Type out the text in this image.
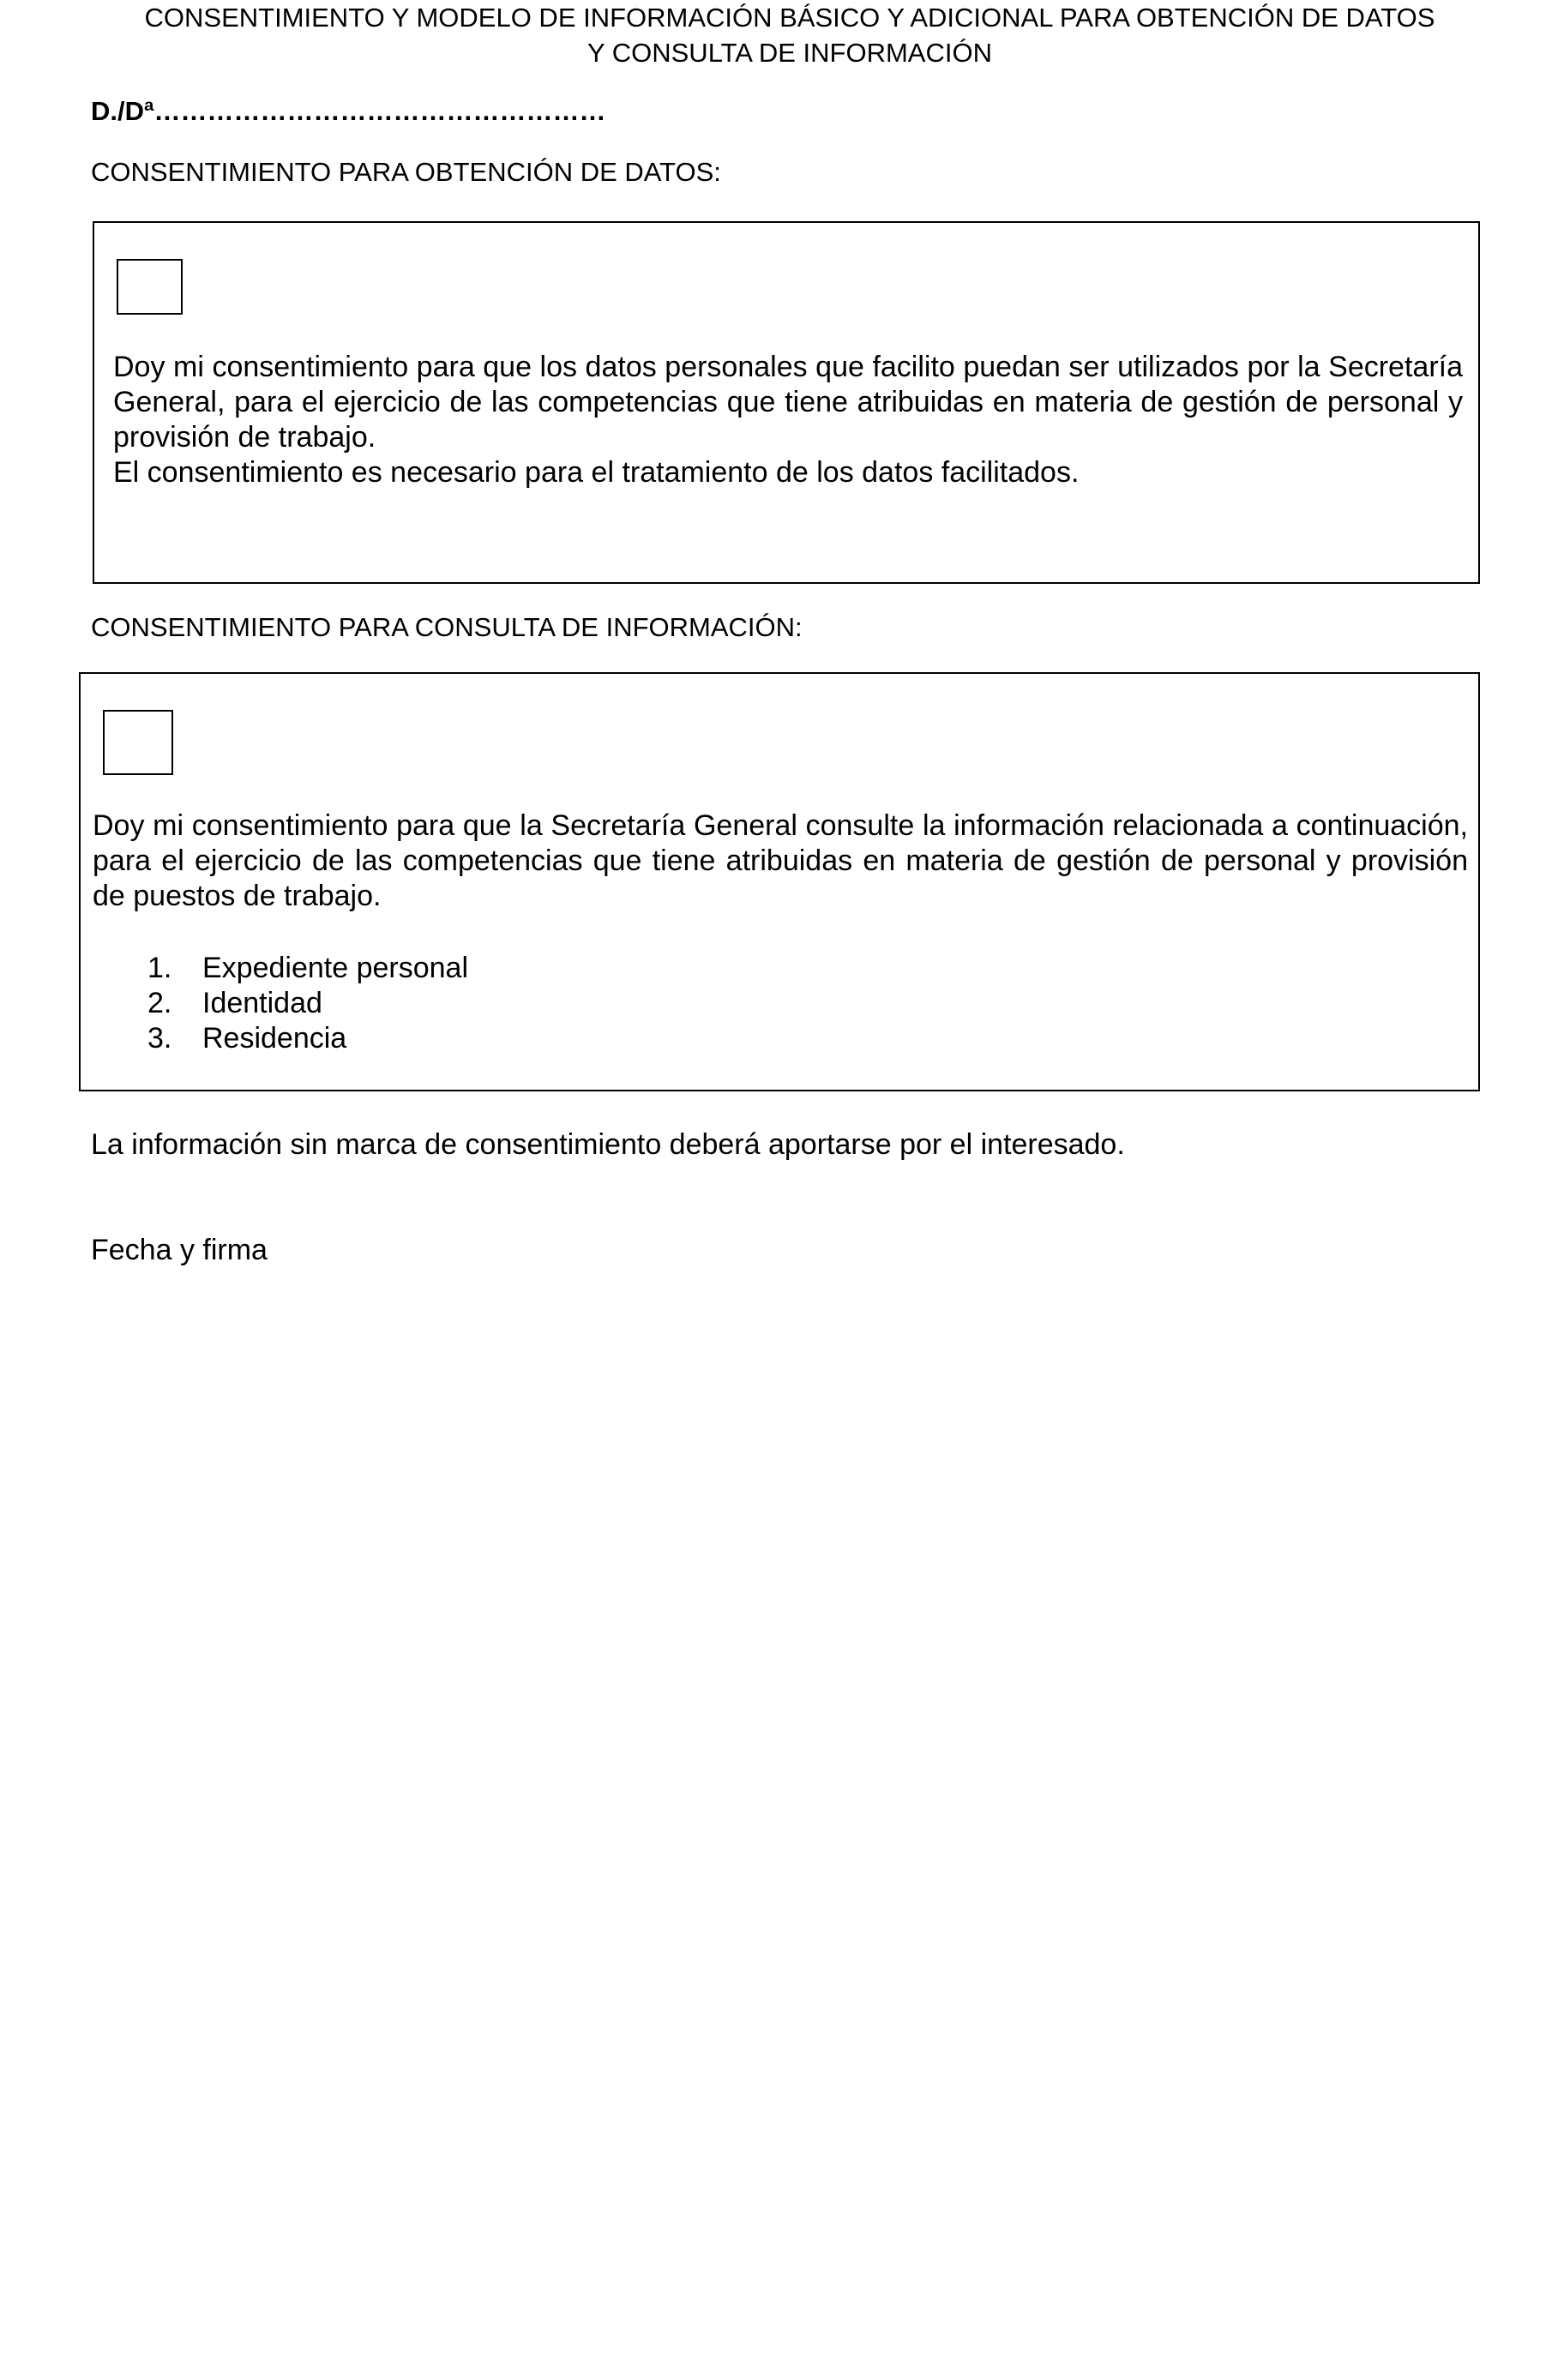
CONSENTIMIENTO Y MODELO DE INFORMACIÓN BÁSICO Y ADICIONAL PARA OBTENCIÓN DE DATOS
Y CONSULTA DE INFORMACIÓN
D./Dª……………………………………………
CONSENTIMIENTO PARA OBTENCIÓN DE DATOS:

Doy mi consentimiento para que los datos personales que facilito puedan ser utilizados por la Secretaría General, para el ejercicio de las competencias que tiene atribuidas en materia de gestión de personal y provisión de trabajo.

El consentimiento es necesario para el tratamiento de los datos facilitados.

CONSENTIMIENTO PARA CONSULTA DE INFORMACIÓN:

Doy mi consentimiento para que la Secretaría General consulte la información relacionada a continuación, para el ejercicio de las competencias que tiene atribuidas en materia de gestión de personal y provisión de puestos de trabajo.

1.	Expediente personal
2.	Identidad
3.	Residencia
La información sin marca de consentimiento deberá aportarse por el interesado.
Fecha y firma
